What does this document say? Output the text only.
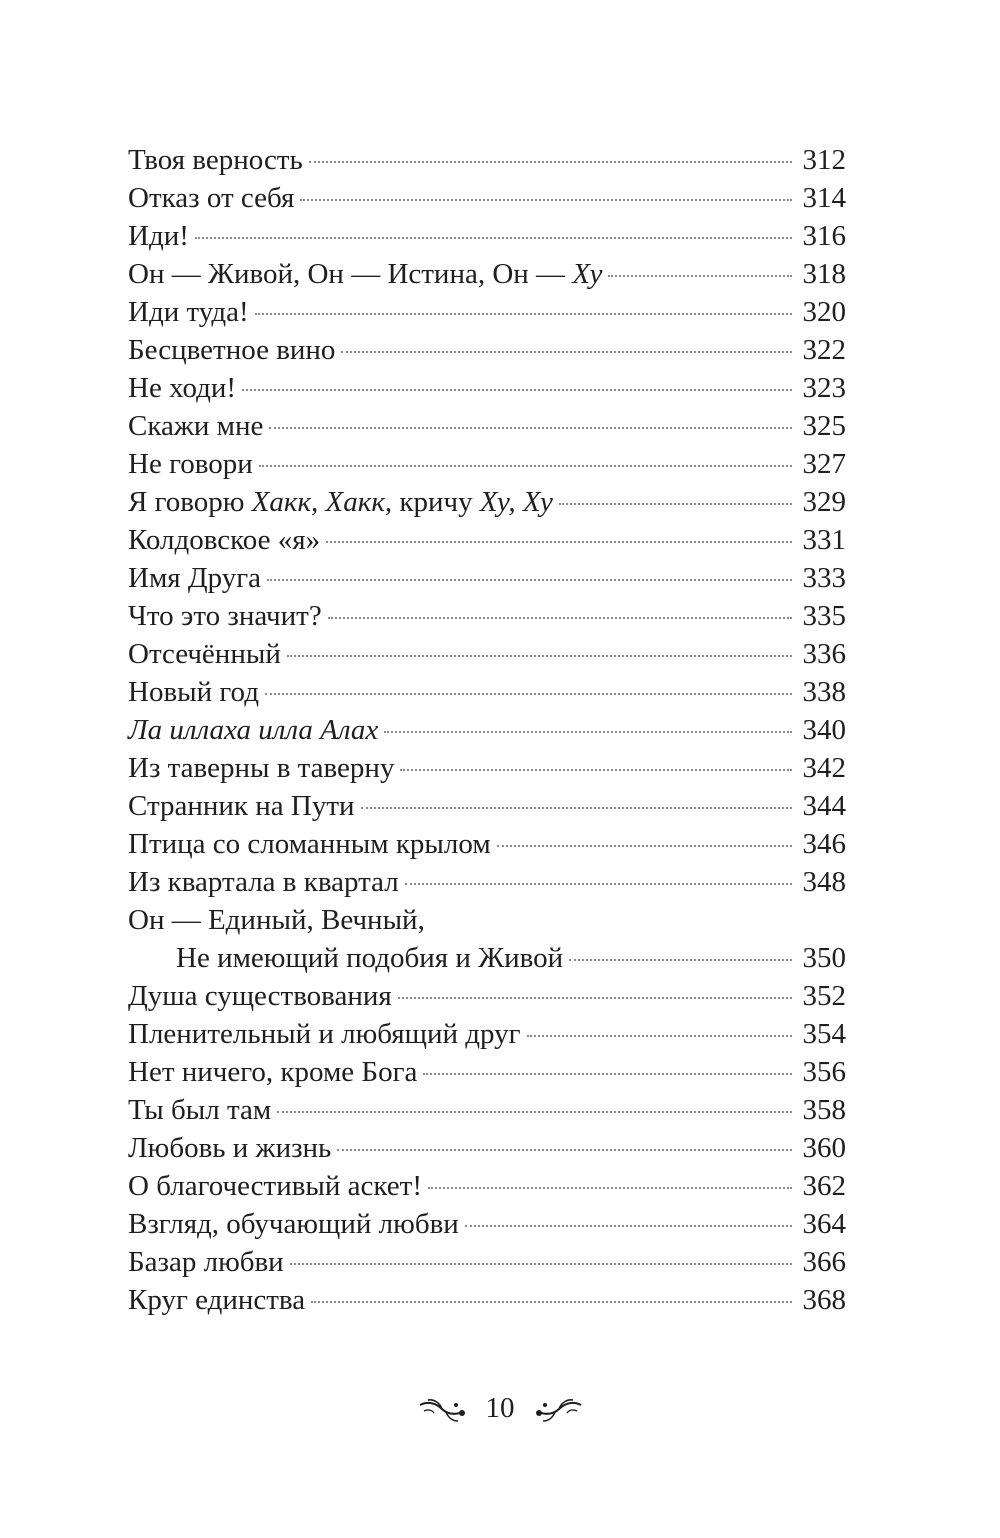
Твоя верность	312
Отказ от себя	314
Иди!	316
Он — Живой, Он — Истина, Он — Ху	318
Иди туда!	320
Бесцветное вино	322
Не ходи!	323
Скажи мне	325
Не говори	327
Я говорю Хакк, Хакк, кричу Ху, Ху	329
Колдовское «я»	331
Имя Друга	333
Что это значит?	335
Отсечённый	336
Новый год	338
Ла иллаха илла Алах	340
Из таверны в таверну	342
Странник на Пути	344
Птица со сломанным крылом	346
Из квартала в квартал	348
Он — Единый, Вечный,
Не имеющий подобия и Живой	350
Душа существования	352
Пленительный и любящий друг	354
Нет ничего, кроме Бога	356
Ты был там	358
Любовь и жизнь	360
О благочестивый аскет!	362
Взгляд, обучающий любви	364
Базар любви	366
Круг единства	368
10
